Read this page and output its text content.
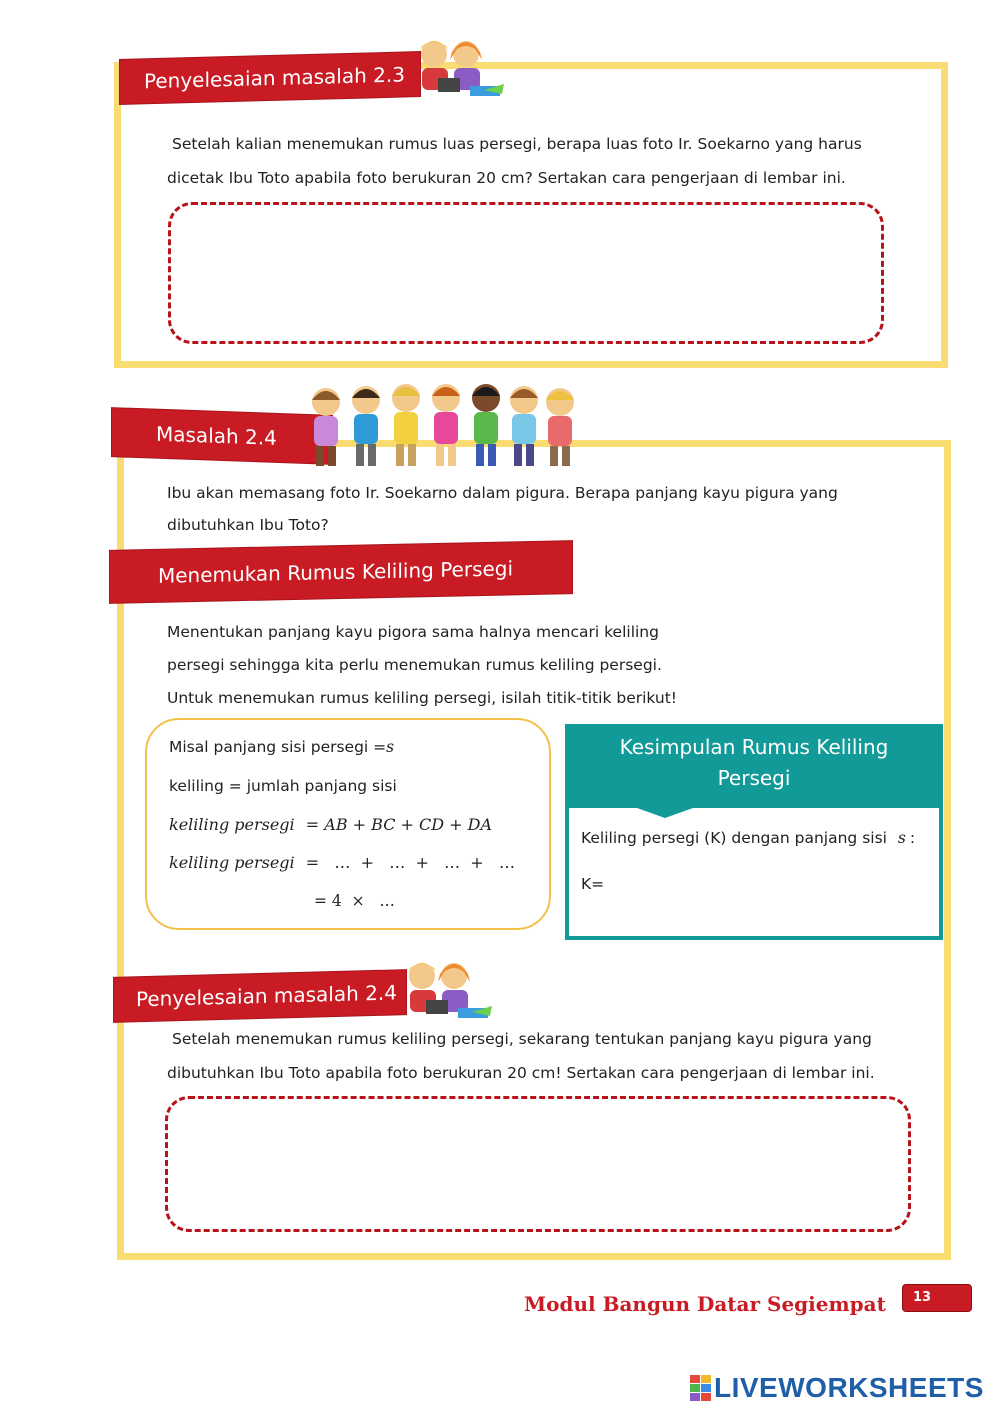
Penyelesaian masalah 2.3
Setelah kalian menemukan rumus luas persegi, berapa luas foto Ir. Soekarno yang harus
dicetak Ibu Toto apabila foto berukuran 20 cm? Sertakan cara pengerjaan di lembar ini.
Masalah 2.4
Ibu akan memasang foto Ir. Soekarno dalam pigura. Berapa panjang kayu pigura yang
dibutuhkan Ibu Toto?
Menemukan Rumus Keliling Persegi
Menentukan panjang kayu pigora sama halnya mencari keliling
persegi sehingga kita perlu menemukan rumus keliling persegi.
Untuk menemukan rumus keliling persegi, isilah titik-titik berikut!
Misal panjang sisi persegi =s
keliling = jumlah panjang sisi
keliling persegi = AB + BC + CD + DA
keliling persegi =   …  +   …  +   …  +   …
= 4  ×   …
Kesimpulan Rumus Keliling
Persegi
Keliling persegi (K) dengan panjang sisi s :
K=
Penyelesaian masalah 2.4
Setelah menemukan rumus keliling persegi, sekarang tentukan panjang kayu pigura yang
dibutuhkan Ibu Toto apabila foto berukuran 20 cm! Sertakan cara pengerjaan di lembar ini.
Modul Bangun Datar Segiempat	13
LIVEWORKSHEETS
